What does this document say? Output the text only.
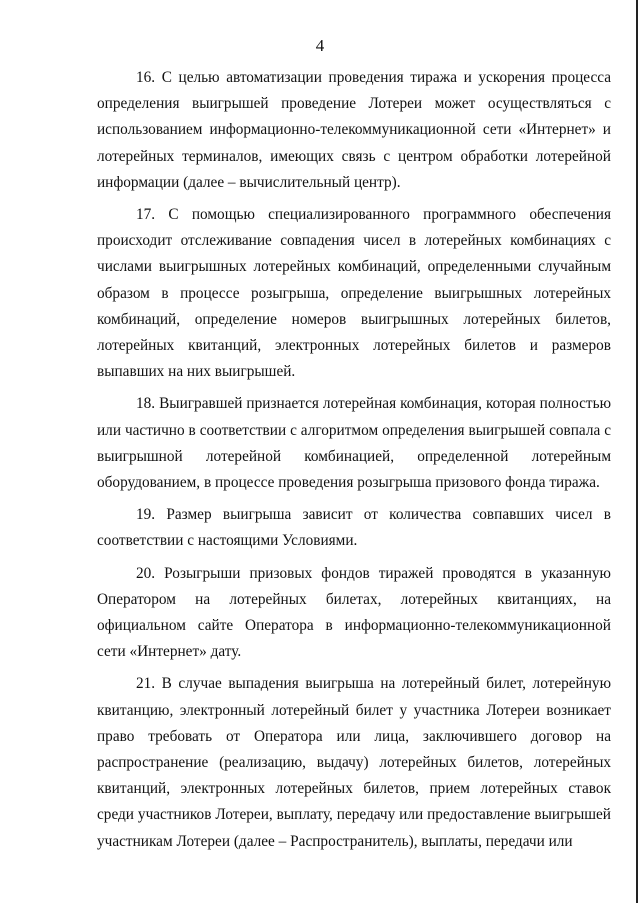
4

16. С целью автоматизации проведения тиража и ускорения процесса определения выигрышей проведение Лотереи может осуществляться с использованием информационно-телекоммуникационной сети «Интернет» и лотерейных терминалов, имеющих связь с центром обработки лотерейной информации (далее – вычислительный центр).

17. С помощью специализированного программного обеспечения происходит отслеживание совпадения чисел в лотерейных комбинациях с числами выигрышных лотерейных комбинаций, определенными случайным образом в процессе розыгрыша, определение выигрышных лотерейных комбинаций, определение номеров выигрышных лотерейных билетов, лотерейных квитанций, электронных лотерейных билетов и размеров выпавших на них выигрышей.

18. Выигравшей признается лотерейная комбинация, которая полностью или частично в соответствии с алгоритмом определения выигрышей совпала с выигрышной лотерейной комбинацией, определенной лотерейным оборудованием, в процессе проведения розыгрыша призового фонда тиража.

19. Размер выигрыша зависит от количества совпавших чисел в соответствии с настоящими Условиями.

20. Розыгрыши призовых фондов тиражей проводятся в указанную Оператором на лотерейных билетах, лотерейных квитанциях, на официальном сайте Оператора в информационно-телекоммуникационной сети «Интернет» дату.

21. В случае выпадения выигрыша на лотерейный билет, лотерейную квитанцию, электронный лотерейный билет у участника Лотереи возникает право требовать от Оператора или лица, заключившего договор на распространение (реализацию, выдачу) лотерейных билетов, лотерейных квитанций, электронных лотерейных билетов, прием лотерейных ставок среди участников Лотереи, выплату, передачу или предоставление выигрышей участникам Лотереи (далее – Распространитель), выплаты, передачи или
